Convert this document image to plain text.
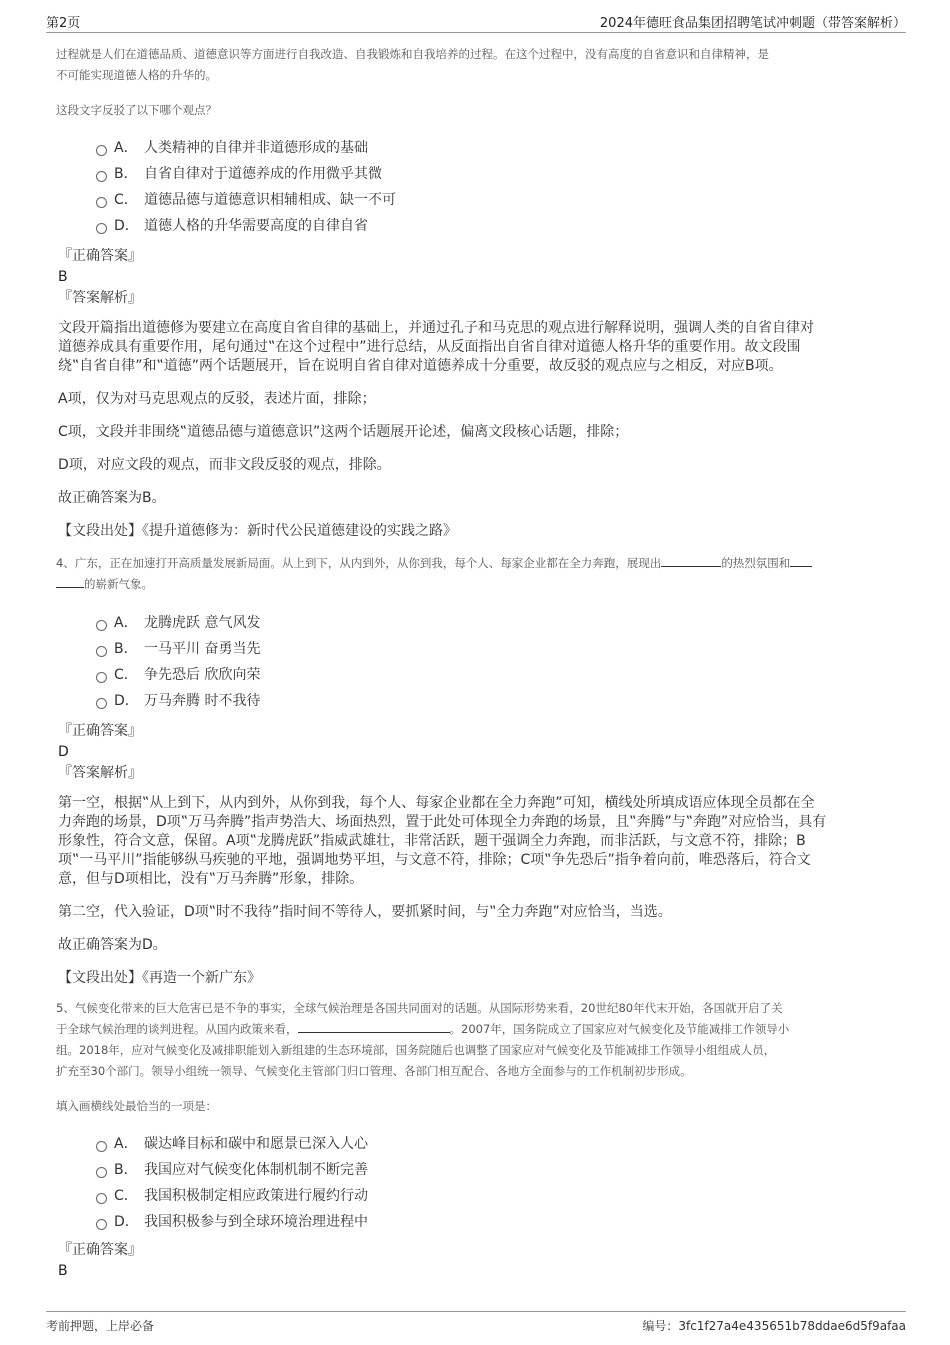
第2页	2024年德旺食品集团招聘笔试冲刺题（带答案解析）

过程就是人们在道德品质、道德意识等方面进行自我改造、自我锻炼和自我培养的过程。在这个过程中，没有高度的自省意识和自律精神，是

不可能实现道德人格的升华的。

这段文字反驳了以下哪个观点？

A． 人类精神的自律并非道德形成的基础
B． 自省自律对于道德养成的作用微乎其微
C． 道德品德与道德意识相辅相成、缺一不可
D． 道德人格的升华需要高度的自律自省

『正确答案』

B

『答案解析』

文段开篇指出道德修为要建立在高度自省自律的基础上，并通过孔子和马克思的观点进行解释说明，强调人类的自省自律对

道德养成具有重要作用，尾句通过‟在这个过程中”进行总结，从反面指出自省自律对道德人格升华的重要作用。故文段围

绕‟自省自律”和‟道德”两个话题展开，旨在说明自省自律对道德养成十分重要，故反驳的观点应与之相反，对应B项。

A项，仅为对马克思观点的反驳，表述片面，排除；

C项，文段并非围绕‟道德品德与道德意识”这两个话题展开论述，偏离文段核心话题，排除；

D项，对应文段的观点，而非文段反驳的观点，排除。

故正确答案为B。

【文段出处】《提升道德修为：新时代公民道德建设的实践之路》

4、广东，正在加速打开高质量发展新局面。从上到下，从内到外，从你到我，每个人、每家企业都在全力奔跑，展现出	的热烈氛围和

的崭新气象。

A． 龙腾虎跃 意气风发
B． 一马平川 奋勇当先
C． 争先恐后 欣欣向荣
D． 万马奔腾 时不我待

『正确答案』

D

『答案解析』

第一空，根据‟从上到下，从内到外，从你到我，每个人、每家企业都在全力奔跑”可知，横线处所填成语应体现全员都在全

力奔跑的场景，D项‟万马奔腾”指声势浩大、场面热烈，置于此处可体现全力奔跑的场景，且‟奔腾”与‟奔跑”对应恰当，具有

形象性，符合文意，保留。A项‟龙腾虎跃”指威武雄壮，非常活跃，题干强调全力奔跑，而非活跃，与文意不符，排除；B

项‟一马平川”指能够纵马疾驰的平地，强调地势平坦，与文意不符，排除；C项‟争先恐后”指争着向前，唯恐落后，符合文

意，但与D项相比，没有‟万马奔腾”形象，排除。

第二空，代入验证，D项‟时不我待”指时间不等待人，要抓紧时间，与‟全力奔跑”对应恰当，当选。

故正确答案为D。

【文段出处】《再造一个新广东》

5、气候变化带来的巨大危害已是不争的事实，全球气候治理是各国共同面对的话题。从国际形势来看，20世纪80年代末开始，各国就开启了关

于全球气候治理的谈判进程。从国内政策来看，	。2007年，国务院成立了国家应对气候变化及节能减排工作领导小

组。2018年，应对气候变化及减排职能划入新组建的生态环境部，国务院随后也调整了国家应对气候变化及节能减排工作领导小组组成人员，

扩充至30个部门。领导小组统一领导、气候变化主管部门归口管理、各部门相互配合、各地方全面参与的工作机制初步形成。

填入画横线处最恰当的一项是：

A． 碳达峰目标和碳中和愿景已深入人心
B． 我国应对气候变化体制机制不断完善
C． 我国积极制定相应政策进行履约行动
D． 我国积极参与到全球环境治理进程中

『正确答案』

B

考前押题，上岸必备	编号：3fc1f27a4e435651b78ddae6d5f9afaa
